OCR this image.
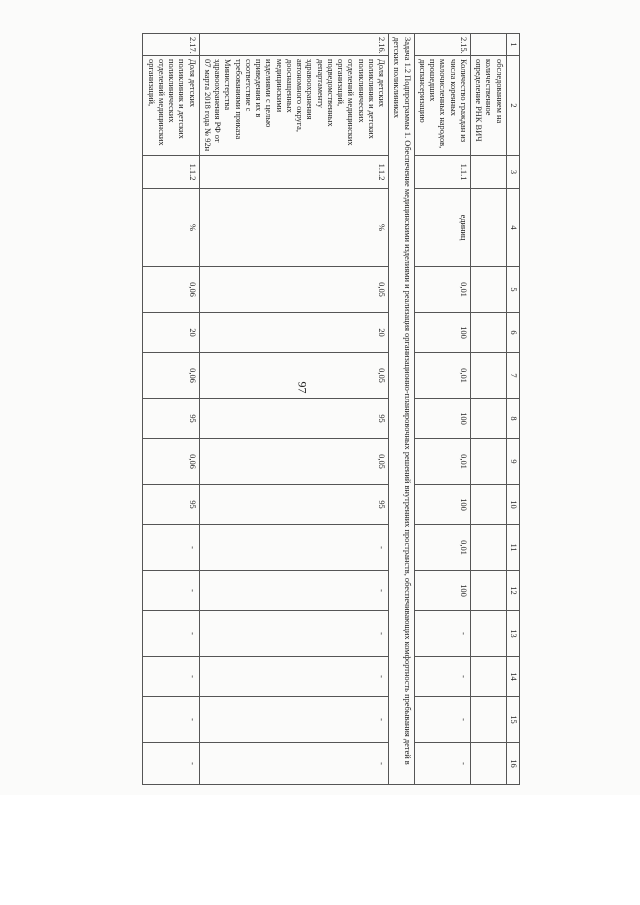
97
1	2	3	4	5	6	7	8	9	10	11	12	13	14	15	16
	обследованием на количественное определение РНК ВИЧ														
2.15.	Количество граждан из числа коренных малочисленных народов, прошедших диспансеризацию	1.1.1	единиц	0,01	100	0,01	100	0,01	100	0,01	100	-	-	-	-
Задача 1.2 Подпрограммы 1. Обеспечение медицинскими изделиями и реализация организационно-планировочных решений внутренних пространств, обеспечивающих комфортность пребывания детей в детских поликлиниках															
2.16.	Доля детских поликлиник и детских поликлинических отделений медицинских организаций, подведомственных департаменту здравоохранения автономного округа, дооснащенных медицинскими изделиями с целью приведения их в соответствие с требованиями приказа Министерства здравоохранения РФ от 07 марта 2018 года № 92н	1.1.2	%	0,05	20	0,05	95	0,05	95	-	-	-	-	-	-
2.17.	Доля детских поликлиник и детских поликлинических отделений медицинских организаций,	1.1.2	%	0,06	20	0,06	95	0,06	95	-	-	-	-	-	-
